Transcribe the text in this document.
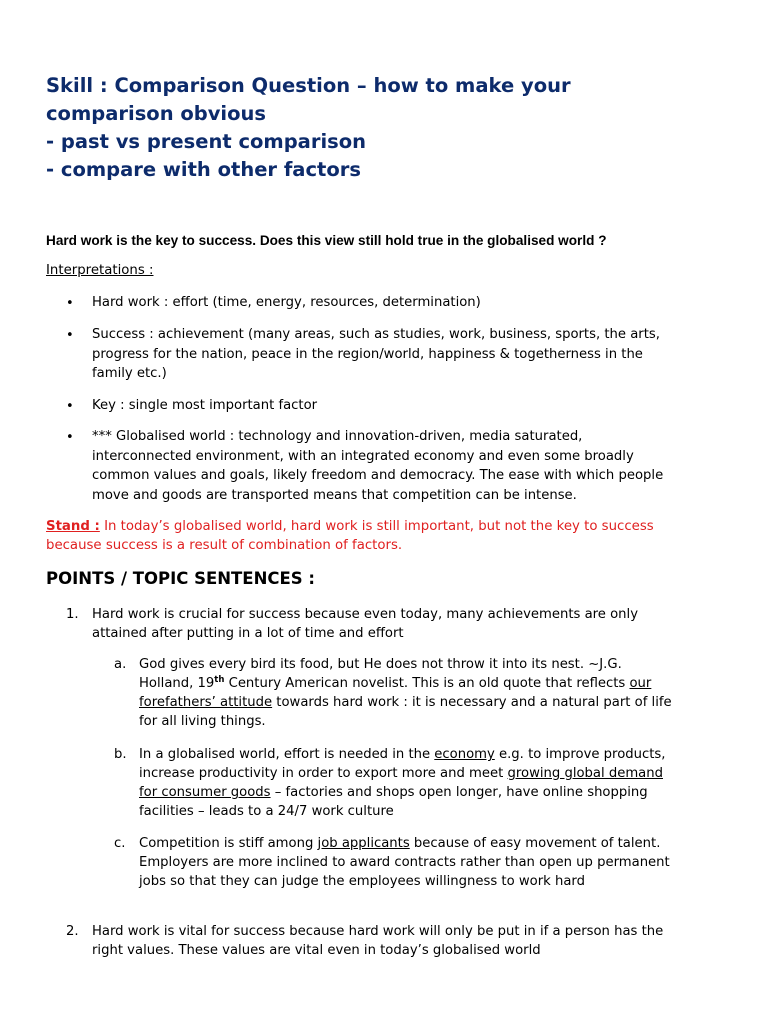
Skill : Comparison Question – how to make your
comparison obvious
- past vs present comparison
- compare with other factors

Hard work is the key to success. Does this view still hold true in the globalised world ?

Interpretations :

•	Hard work : effort (time, energy, resources, determination)
•	Success : achievement (many areas, such as studies, work, business, sports, the arts,
progress for the nation, peace in the region/world, happiness & togetherness in the
family etc.)
•	Key : single most important factor
•	*** Globalised world : technology and innovation-driven, media saturated,
interconnected environment, with an integrated economy and even some broadly
common values and goals, likely freedom and democracy. The ease with which people
move and goods are transported means that competition can be intense.
Stand : In today’s globalised world, hard work is still important, but not the key to success
because success is a result of combination of factors.
POINTS / TOPIC SENTENCES :
1.	Hard work is crucial for success because even today, many achievements are only
attained after putting in a lot of time and effort
a. God gives every bird its food, but He does not throw it into its nest. ~J.G.
Holland, 19th Century American novelist. This is an old quote that reflects our
forefathers’ attitude towards hard work : it is necessary and a natural part of life
for all living things.
b. In a globalised world, effort is needed in the economy e.g. to improve products,
increase productivity in order to export more and meet growing global demand
for consumer goods – factories and shops open longer, have online shopping
facilities – leads to a 24/7 work culture
c.	Competition is stiff among job applicants because of easy movement of talent.
Employers are more inclined to award contracts rather than open up permanent
jobs so that they can judge the employees willingness to work hard
2.	Hard work is vital for success because hard work will only be put in if a person has the
right values. These values are vital even in today’s globalised world
